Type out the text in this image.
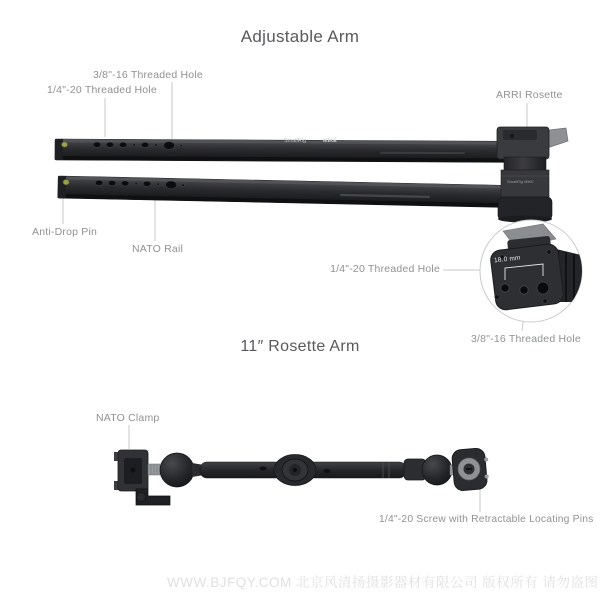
Adjustable Arm
3/8"-16 Threaded Hole
1/4"-20 Threaded Hole	ARRI Rosette
Anti-Drop Pin
NATO Rail
1/4"-20 Threaded Hole
3/8"-16 Threaded Hole
18.0 mm
SmallRig	MIKE
SmallRig MIKE
11″ Rosette Arm
NATO Clamp
1/4"-20 Screw with Retractable Locating Pins
WWW.BJFQY.COM 北京风清扬摄影器材有限公司 版权所有 请勿盗图
